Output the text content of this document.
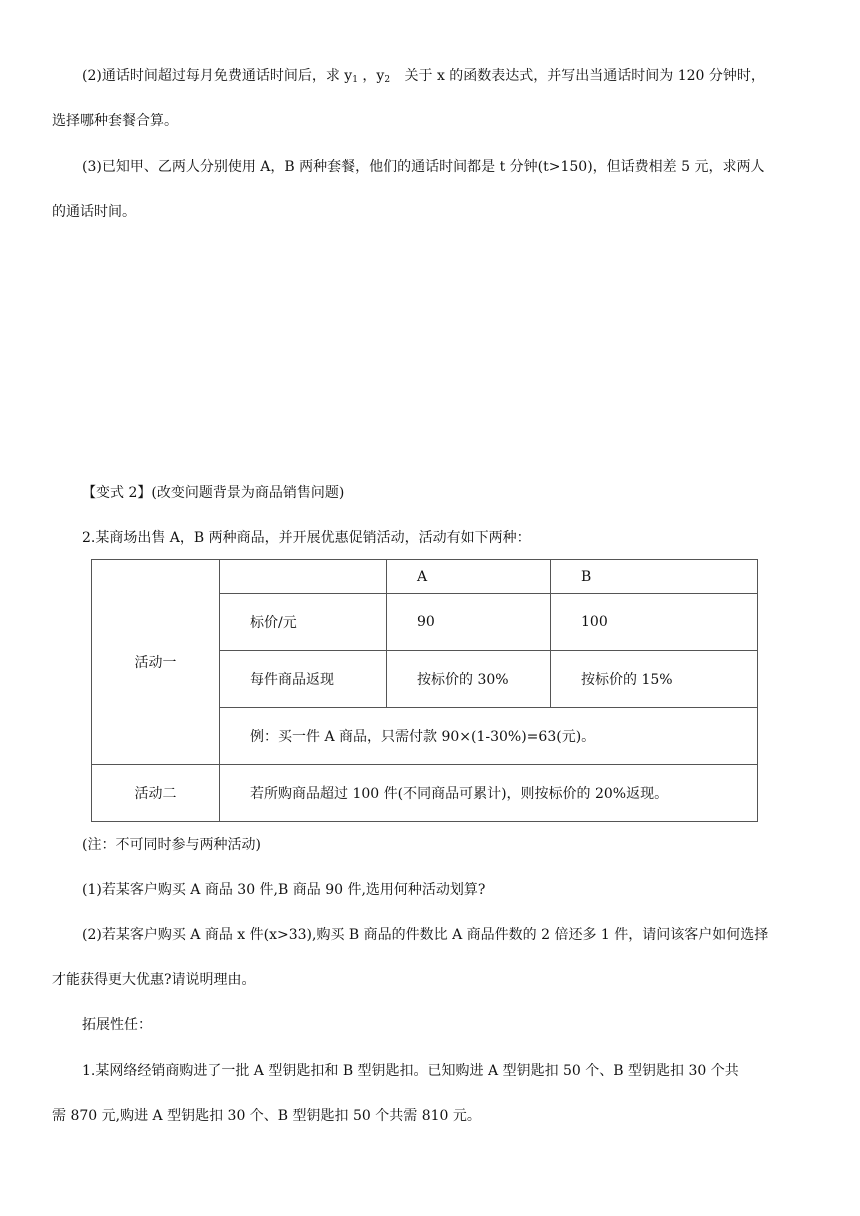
(2)通话时间超过每月免费通话时间后，求 $y_1$ ，$y_2$ 关于 x 的函数表达式，并写出当通话时间为 120 分钟时，
选择哪种套餐合算。
(3)已知甲、乙两人分别使用 A，B 两种套餐，他们的通话时间都是 t 分钟(t>150)，但话费相差 5 元，求两人
的通话时间。
【变式 2】(改变问题背景为商品销售问题)
2.某商场出售 A，B 两种商品，并开展优惠促销活动，活动有如下两种：
活动一		A	B
	标价/元	90	100
	每件商品返现	按标价的 30%	按标价的 15%
	例：买一件 A 商品，只需付款 90×(1-30%)=63(元)。		
活动二	若所购商品超过 100 件(不同商品可累计)，则按标价的 20%返现。		
(注：不可同时参与两种活动)
(1)若某客户购买 A 商品 30 件,B 商品 90 件,选用何种活动划算?
(2)若某客户购买 A 商品 x 件(x>33),购买 B 商品的件数比 A 商品件数的 2 倍还多 1 件，请问该客户如何选择
才能获得更大优惠?请说明理由。
拓展性任：
1.某网络经销商购进了一批 A 型钥匙扣和 B 型钥匙扣。已知购进 A 型钥匙扣 50 个、B 型钥匙扣 30 个共
需 870 元,购进 A 型钥匙扣 30 个、B 型钥匙扣 50 个共需 810 元。
